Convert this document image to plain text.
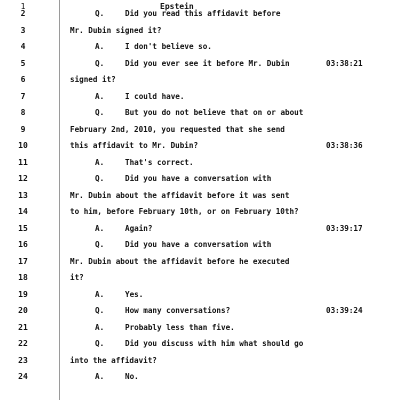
1	Epstein
2	Q.	Did you read this affidavit before
3	Mr. Dubin signed it?
4	A.	I don't believe so.
5	Q.	Did you ever see it before Mr. Dubin	03:38:21
6	signed it?
7	A.	I could have.
8	Q.	But you do not believe that on or about
9	February 2nd, 2010, you requested that she send
10	this affidavit to Mr. Dubin?	03:38:36
11	A.	That's correct.
12	Q.	Did you have a conversation with
13	Mr. Dubin about the affidavit before it was sent
14	to him, before February 10th, or on February 10th?
15	A.	Again?	03:39:17
16	Q.	Did you have a conversation with
17	Mr. Dubin about the affidavit before he executed
18	it?
19	A.	Yes.
20	Q.	How many conversations?	03:39:24
21	A.	Probably less than five.
22	Q.	Did you discuss with him what should go
23	into the affidavit?
24	A.	No.
